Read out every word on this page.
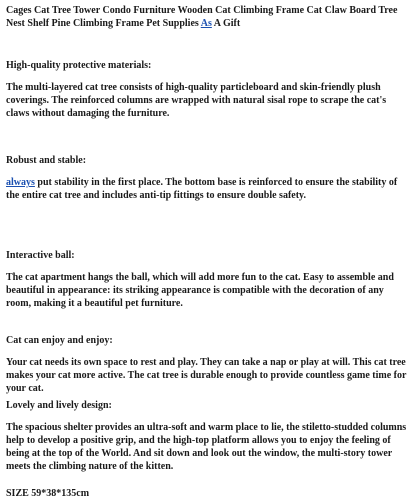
Cages Cat Tree Tower Condo Furniture Wooden Cat Climbing Frame Cat Claw Board Tree Nest Shelf Pine Climbing Frame Pet Supplies As A Gift

High-quality protective materials:

The multi-layered cat tree consists of high-quality particleboard and skin-friendly plush coverings. The reinforced columns are wrapped with natural sisal rope to scrape the cat's claws without damaging the furniture.

Robust and stable:

always put stability in the first place. The bottom base is reinforced to ensure the stability of the entire cat tree and includes anti-tip fittings to ensure double safety.

Interactive ball:

The cat apartment hangs the ball, which will add more fun to the cat. Easy to assemble and beautiful in appearance: its striking appearance is compatible with the decoration of any room, making it a beautiful pet furniture.

Cat can enjoy and enjoy:

Your cat needs its own space to rest and play. They can take a nap or play at will. This cat tree makes your cat more active. The cat tree is durable enough to provide countless game time for your cat.

Lovely and lively design:

The spacious shelter provides an ultra-soft and warm place to lie, the stiletto-studded columns help to develop a positive grip, and the high-top platform allows you to enjoy the feeling of being at the top of the World. And sit down and look out the window, the multi-story tower meets the climbing nature of the kitten.

SIZE 59*38*135cm
